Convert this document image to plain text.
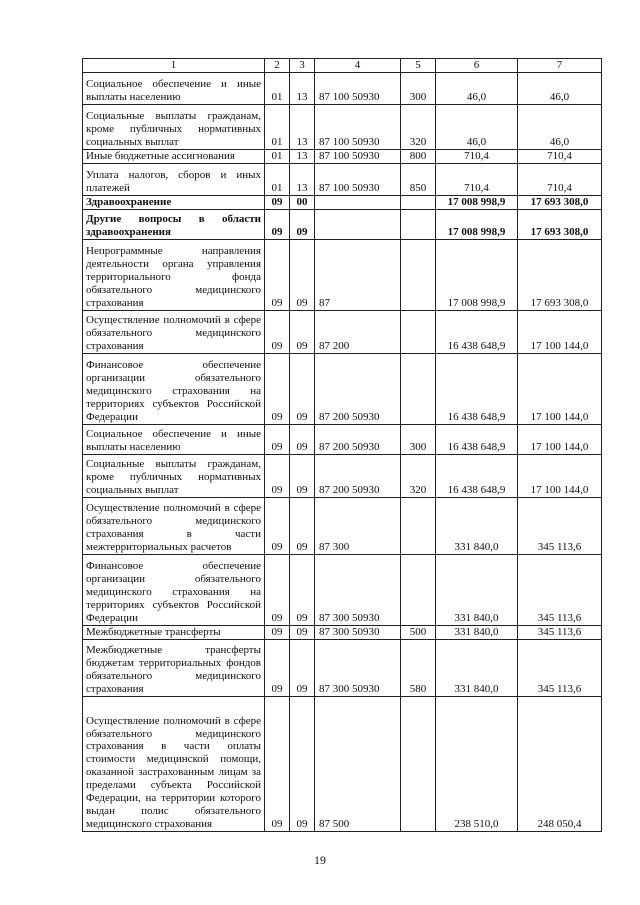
1	2	3	4	5	6	7
Социальное обеспечение и иные выплаты населению	01	13	87 100 50930	300	46,0	46,0
Социальные выплаты гражданам, кроме публичных нормативных социальных выплат	01	13	87 100 50930	320	46,0	46,0
Иные бюджетные ассигнования	01	13	87 100 50930	800	710,4	710,4
Уплата налогов, сборов и иных платежей	01	13	87 100 50930	850	710,4	710,4
Здравоохранение	09	00			17 008 998,9	17 693 308,0
Другие вопросы в области здравоохранения	09	09			17 008 998,9	17 693 308,0
Непрограммные направления деятельности органа управления территориального фонда обязательного медицинского страхования	09	09	87		17 008 998,9	17 693 308,0
Осуществление полномочий в сфере обязательного медицинского страхования	09	09	87 200		16 438 648,9	17 100 144,0
Финансовое обеспечение организации обязательного медицинского страхования на территориях субъектов Российской Федерации	09	09	87 200 50930		16 438 648,9	17 100 144,0
Социальное обеспечение и иные выплаты населению	09	09	87 200 50930	300	16 438 648,9	17 100 144,0
Социальные выплаты гражданам, кроме публичных нормативных социальных выплат	09	09	87 200 50930	320	16 438 648,9	17 100 144,0
Осуществление полномочий в сфере обязательного медицинского страхования в части межтерриториальных расчетов	09	09	87 300		331 840,0	345 113,6
Финансовое обеспечение организации обязательного медицинского страхования на территориях субъектов Российской Федерации	09	09	87 300 50930		331 840,0	345 113,6
Межбюджетные трансферты	09	09	87 300 50930	500	331 840,0	345 113,6
Межбюджетные трансферты бюджетам территориальных фондов обязательного медицинского страхования	09	09	87 300 50930	580	331 840,0	345 113,6
Осуществление полномочий в сфере обязательного медицинского страхования в части оплаты стоимости медицинской помощи, оказанной застрахованным лицам за пределами субъекта Российской Федерации, на территории которого выдан полис обязательного медицинского страхования	09	09	87 500		238 510,0	248 050,4
19
